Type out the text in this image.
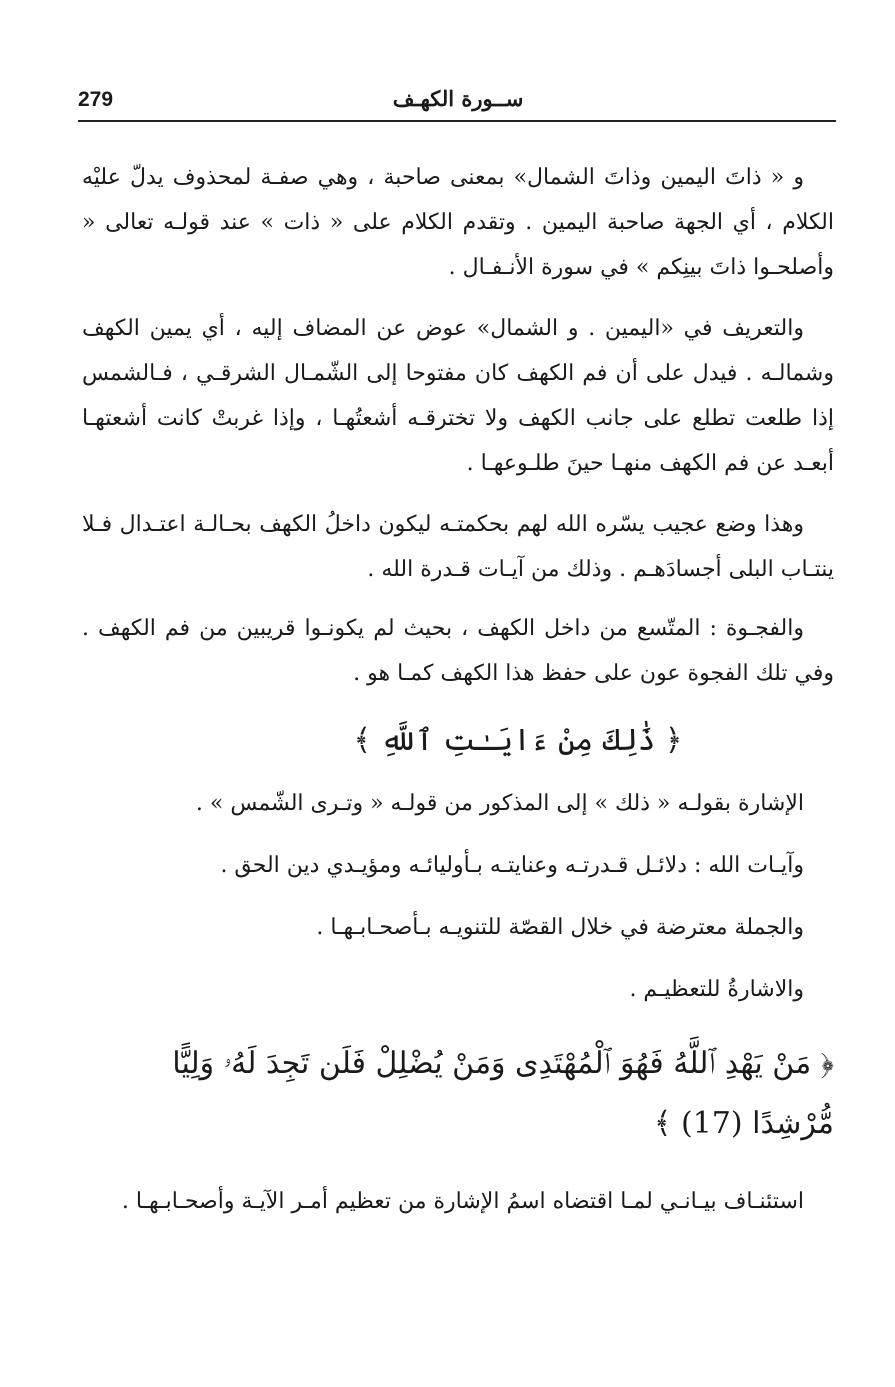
279	ســورة الكهـف

و « ذاتَ اليمين وذاتَ الشمال» بمعنى صاحبة ، وهي صفـة لمحذوف يدلّ عليْه الكلام ، أي الجهة صاحبة اليمين . وتقدم الكلام على « ذات » عند قولـه تعالى « وأصلحـوا ذاتَ بينِكم » في سورة الأنـفـال .

والتعريف في «اليمين . و الشمال» عوض عن المضاف إليه ، أي يمين الكهف وشمالـه . فيدل على أن فم الكهف كان مفتوحا إلى الشّمـال الشرقـي ، فـالشمس إذا طلعت تطلع على جانب الكهف ولا تخترقـه أشعتُهـا ، وإذا غربتْ كانت أشعتهـا أبعـد عن فم الكهف منهـا حينَ طلـوعهـا .

وهذا وضع عجيب يسّره الله لهم بحكمتـه ليكون داخلُ الكهف بحـالـة اعتـدال فـلا ينتـاب البلى أجسادَهـم . وذلك من آيـات قـدرة الله .

والفجـوة : المتّسع من داخل الكهف ، بحيث لم يكونـوا قريبين من فم الكهف . وفي تلك الفجوة عون على حفظ هذا الكهف كمـا هو .

﴿ ذَٰلِكَ مِنْ ءَايَـٰتِ ٱللَّهِ ﴾

الإشارة بقولـه « ذلك » إلى المذكور من قولـه « وتـرى الشّمس » .

وآيـات الله : دلائـل قـدرتـه وعنايتـه بـأوليائـه ومؤيـدي دين الحق .

والجملة معترضة في خلال القصّة للتنويـه بـأصحـابـهـا .

والاشارةُ للتعظيـم .

﴿ مَنْ يَهْدِ ٱللَّهُ فَهُوَ ٱلْمُهْتَدِى وَمَنْ يُضْلِلْ فَلَن تَجِدَ لَهُۥ وَلِيًّا مُّرْشِدًا (17) ﴾

استئنـاف بيـانـي لمـا اقتضاه اسمُ الإشارة من تعظيم أمـر الآيـة وأصحـابـهـا .
